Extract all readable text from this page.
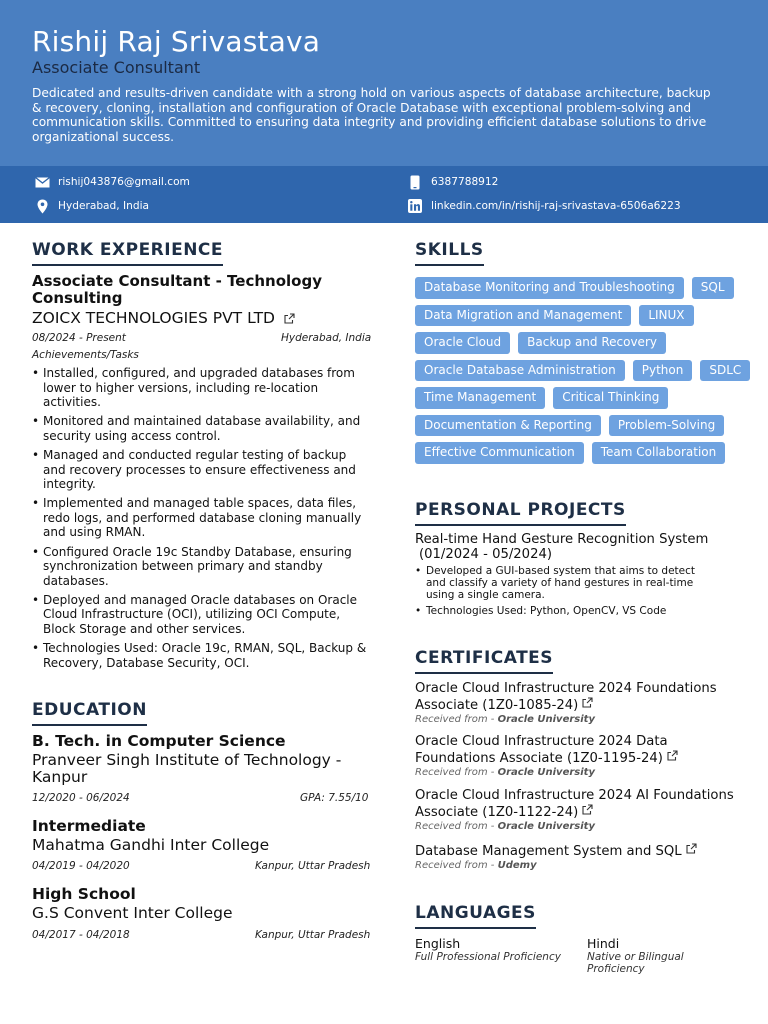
Rishij Raj Srivastava
Associate Consultant
Dedicated and results-driven candidate with a strong hold on various aspects of database architecture, backup & recovery, cloning, installation and configuration of Oracle Database with exceptional problem-solving and communication skills. Committed to ensuring data integrity and providing efficient database solutions to drive organizational success.
rishij043876@gmail.com	6387788912
Hyderabad, India	linkedin.com/in/rishij-raj-srivastava-6506a6223
WORK EXPERIENCE
Associate Consultant - Technology Consulting
ZOICX TECHNOLOGIES PVT LTD
08/2024 - Present	Hyderabad, India
Achievements/Tasks
• Installed, configured, and upgraded databases from lower to higher versions, including re-location activities.
• Monitored and maintained database availability, and security using access control.
• Managed and conducted regular testing of backup and recovery processes to ensure effectiveness and integrity.
• Implemented and managed table spaces, data files, redo logs, and performed database cloning manually and using RMAN.
• Configured Oracle 19c Standby Database, ensuring synchronization between primary and standby databases.
• Deployed and managed Oracle databases on Oracle Cloud Infrastructure (OCI), utilizing OCI Compute, Block Storage and other services.
• Technologies Used: Oracle 19c, RMAN, SQL, Backup & Recovery, Database Security, OCI.
EDUCATION
B. Tech. in Computer Science
Pranveer Singh Institute of Technology - Kanpur
12/2020 - 06/2024	GPA: 7.55/10
Intermediate
Mahatma Gandhi Inter College
04/2019 - 04/2020	Kanpur, Uttar Pradesh
High School
G.S Convent Inter College
04/2017 - 04/2018	Kanpur, Uttar Pradesh
SKILLS
Database Monitoring and Troubleshooting	SQL
Data Migration and Management	LINUX
Oracle Cloud	Backup and Recovery
Oracle Database Administration	Python	SDLC
Time Management	Critical Thinking
Documentation & Reporting	Problem-Solving
Effective Communication	Team Collaboration
PERSONAL PROJECTS
Real-time Hand Gesture Recognition System
(01/2024 - 05/2024)
• Developed a GUI-based system that aims to detect and classify a variety of hand gestures in real-time using a single camera.
• Technologies Used: Python, OpenCV, VS Code
CERTIFICATES
Oracle Cloud Infrastructure 2024 Foundations Associate (1Z0-1085-24)
Received from - Oracle University
Oracle Cloud Infrastructure 2024 Data Foundations Associate (1Z0-1195-24)
Received from - Oracle University
Oracle Cloud Infrastructure 2024 AI Foundations Associate (1Z0-1122-24)
Received from - Oracle University
Database Management System and SQL
Received from - Udemy
LANGUAGES
English
Full Professional Proficiency
Hindi
Native or Bilingual Proficiency
